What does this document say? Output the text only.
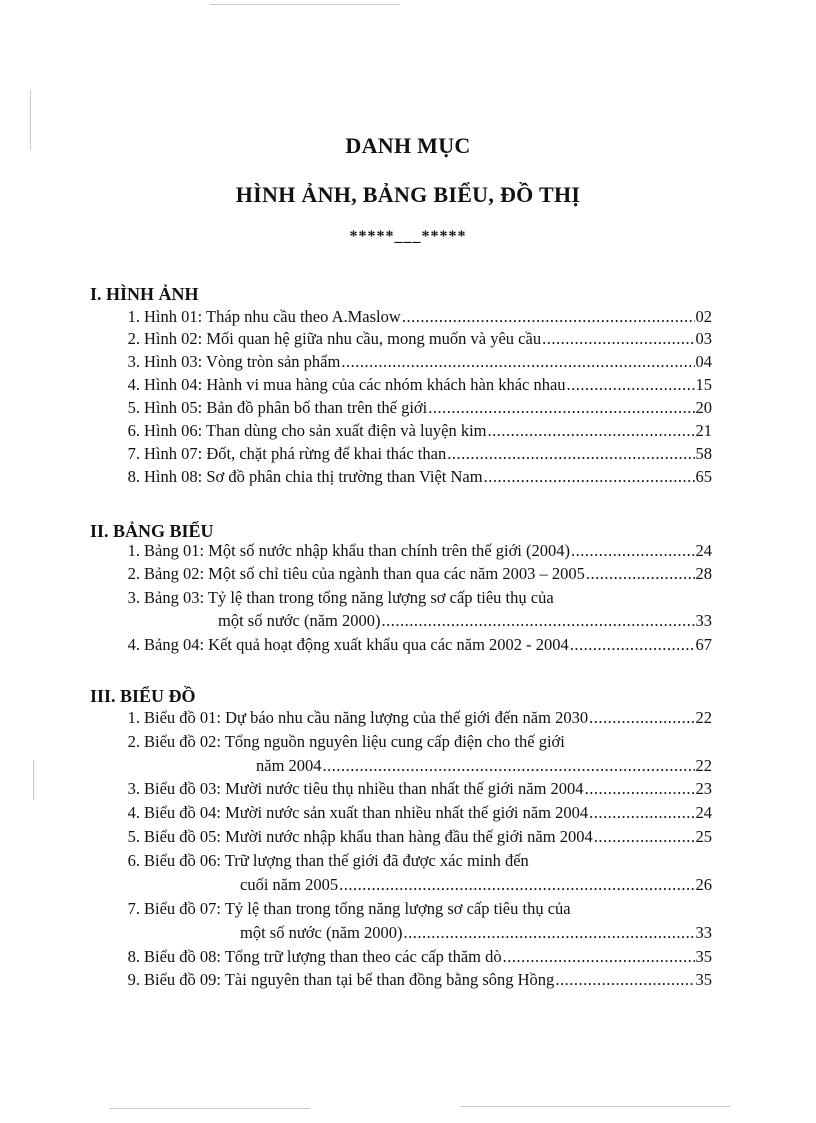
DANH MỤC
HÌNH ẢNH, BẢNG BIỂU, ĐỒ THỊ
*****___*****
I. HÌNH ẢNH
1. Hình 01: Tháp nhu cầu theo A.Maslow .....	02
2. Hình 02: Mối quan hệ giữa nhu cầu, mong muốn và yêu cầu .....	03
3. Hình 03: Vòng tròn sản phẩm .....	04
4. Hình 04: Hành vi mua hàng của các nhóm khách hàn khác nhau .....	15
5. Hình 05: Bản đồ phân bố than trên thế giới .....	20
6. Hình 06: Than dùng cho sản xuất điện và luyện kim .....	21
7. Hình 07: Đốt, chặt phá rừng để khai thác than .....	58
8. Hình 08: Sơ đồ phân chia thị trường than Việt Nam .....	65
II. BẢNG BIỂU
1. Bảng 01: Một số nước nhập khẩu than chính trên thế giới (2004) .....	24
2. Bảng 02: Một số chỉ tiêu của ngành than qua các năm 2003 – 2005 .....	28
3. Bảng 03: Tỷ lệ than trong tổng năng lượng sơ cấp tiêu thụ của
một số nước (năm 2000) .....	33
4. Bảng 04: Kết quả hoạt động xuất khẩu qua các năm 2002 - 2004 .....	67
III. BIỂU ĐỒ
1. Biểu đồ 01: Dự báo nhu cầu năng lượng của thế giới đến năm 2030 .....	22
2. Biểu đồ 02: Tổng nguồn nguyên liệu cung cấp điện cho thế giới
năm 2004 .....	22
3. Biểu đồ 03: Mười nước tiêu thụ nhiều than nhất thế giới năm 2004 .....	23
4. Biểu đồ 04: Mười nước sản xuất than nhiều nhất thế giới năm 2004 .....	24
5. Biểu đồ 05: Mười nước nhập khẩu than hàng đầu thế giới năm 2004 .....	25
6. Biểu đồ 06: Trữ lượng than thế giới đã được xác minh đến
cuối năm 2005 .....	26
7. Biểu đồ 07: Tỷ lệ than trong tổng năng lượng sơ cấp tiêu thụ của
một số nước (năm 2000) .....	33
8. Biểu đồ 08: Tổng trữ lượng than theo các cấp thăm dò .....	35
9. Biểu đồ 09: Tài nguyên than tại bể than đồng bằng sông Hồng .....	35
